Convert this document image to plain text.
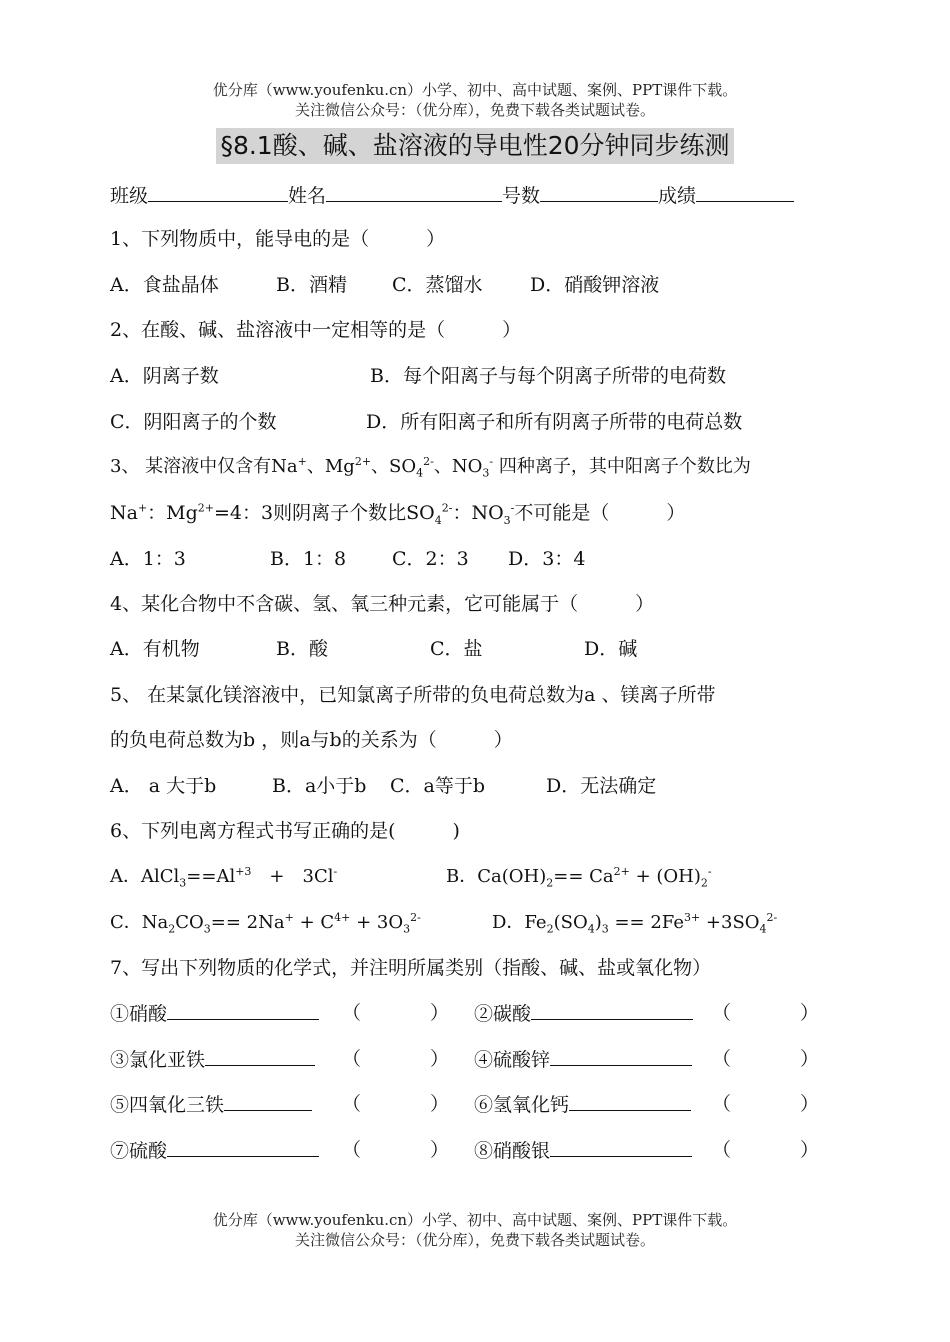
优分库（www.youfenku.cn）小学、初中、高中试题、案例、PPT课件下载。
关注微信公众号：（优分库），免费下载各类试题试卷。
§8.1酸、碱、盐溶液的导电性20分钟同步练测
班级	姓名	号数	成绩
1、下列物质中，能导电的是（　　　）
A．食盐晶体	B．酒精 C．蒸馏水 D．硝酸钾溶液
2、在酸、碱、盐溶液中一定相等的是（　　　）
A．阴离子数	B．每个阳离子与每个阴离子所带的电荷数
C．阴阳离子的个数	D．所有阳离子和所有阴离子所带的电荷总数
3、 某溶液中仅含有Na+、$Mg^{2+}$、$SO_4^{2-}$、$NO_3^-$ 四种离子，其中阳离子个数比为
Na+：$Mg^{2+}=4$：3则阴离子个数比$SO_4^{2-}$：$NO_3^-$不可能是（　　　）
A．1：3	B．1：8 C．2：3 D．3：4
4、某化合物中不含碳、氢、氧三种元素，它可能属于（　　　）
A．有机物	B．酸	C．盐	D．碱
5、 在某氯化镁溶液中，已知氯离子所带的负电荷总数为a 、镁离子所带
的负电荷总数为b ，则a与b的关系为（　　　）
A． a 大于b	B．a小于b C．a等于b	D．无法确定
6、下列电离方程式书写正确的是(　　　)
A．$AlCl_3==Al^{+3}$　+　3Cl-	B．$Ca(OH)_2== Ca^{2+} + (OH)_2^-$
C．$Na_2CO_3== 2Na^+ + C^{4+} + 3O_3^{2-}$	D．$Fe_2(SO_4)_3 == 2Fe^{3+} +3SO_4^{2-}$
7、写出下列物质的化学式，并注明所属类别（指酸、碱、盐或氧化物）
①硝酸	（	） ②碳酸	（	）
③氯化亚铁	（	） ④硫酸锌	（	）
⑤四氧化三铁	（	） ⑥氢氧化钙	（	）
⑦硫酸	（	） ⑧硝酸银	（	）
优分库（www.youfenku.cn）小学、初中、高中试题、案例、PPT课件下载。
关注微信公众号：（优分库），免费下载各类试题试卷。
